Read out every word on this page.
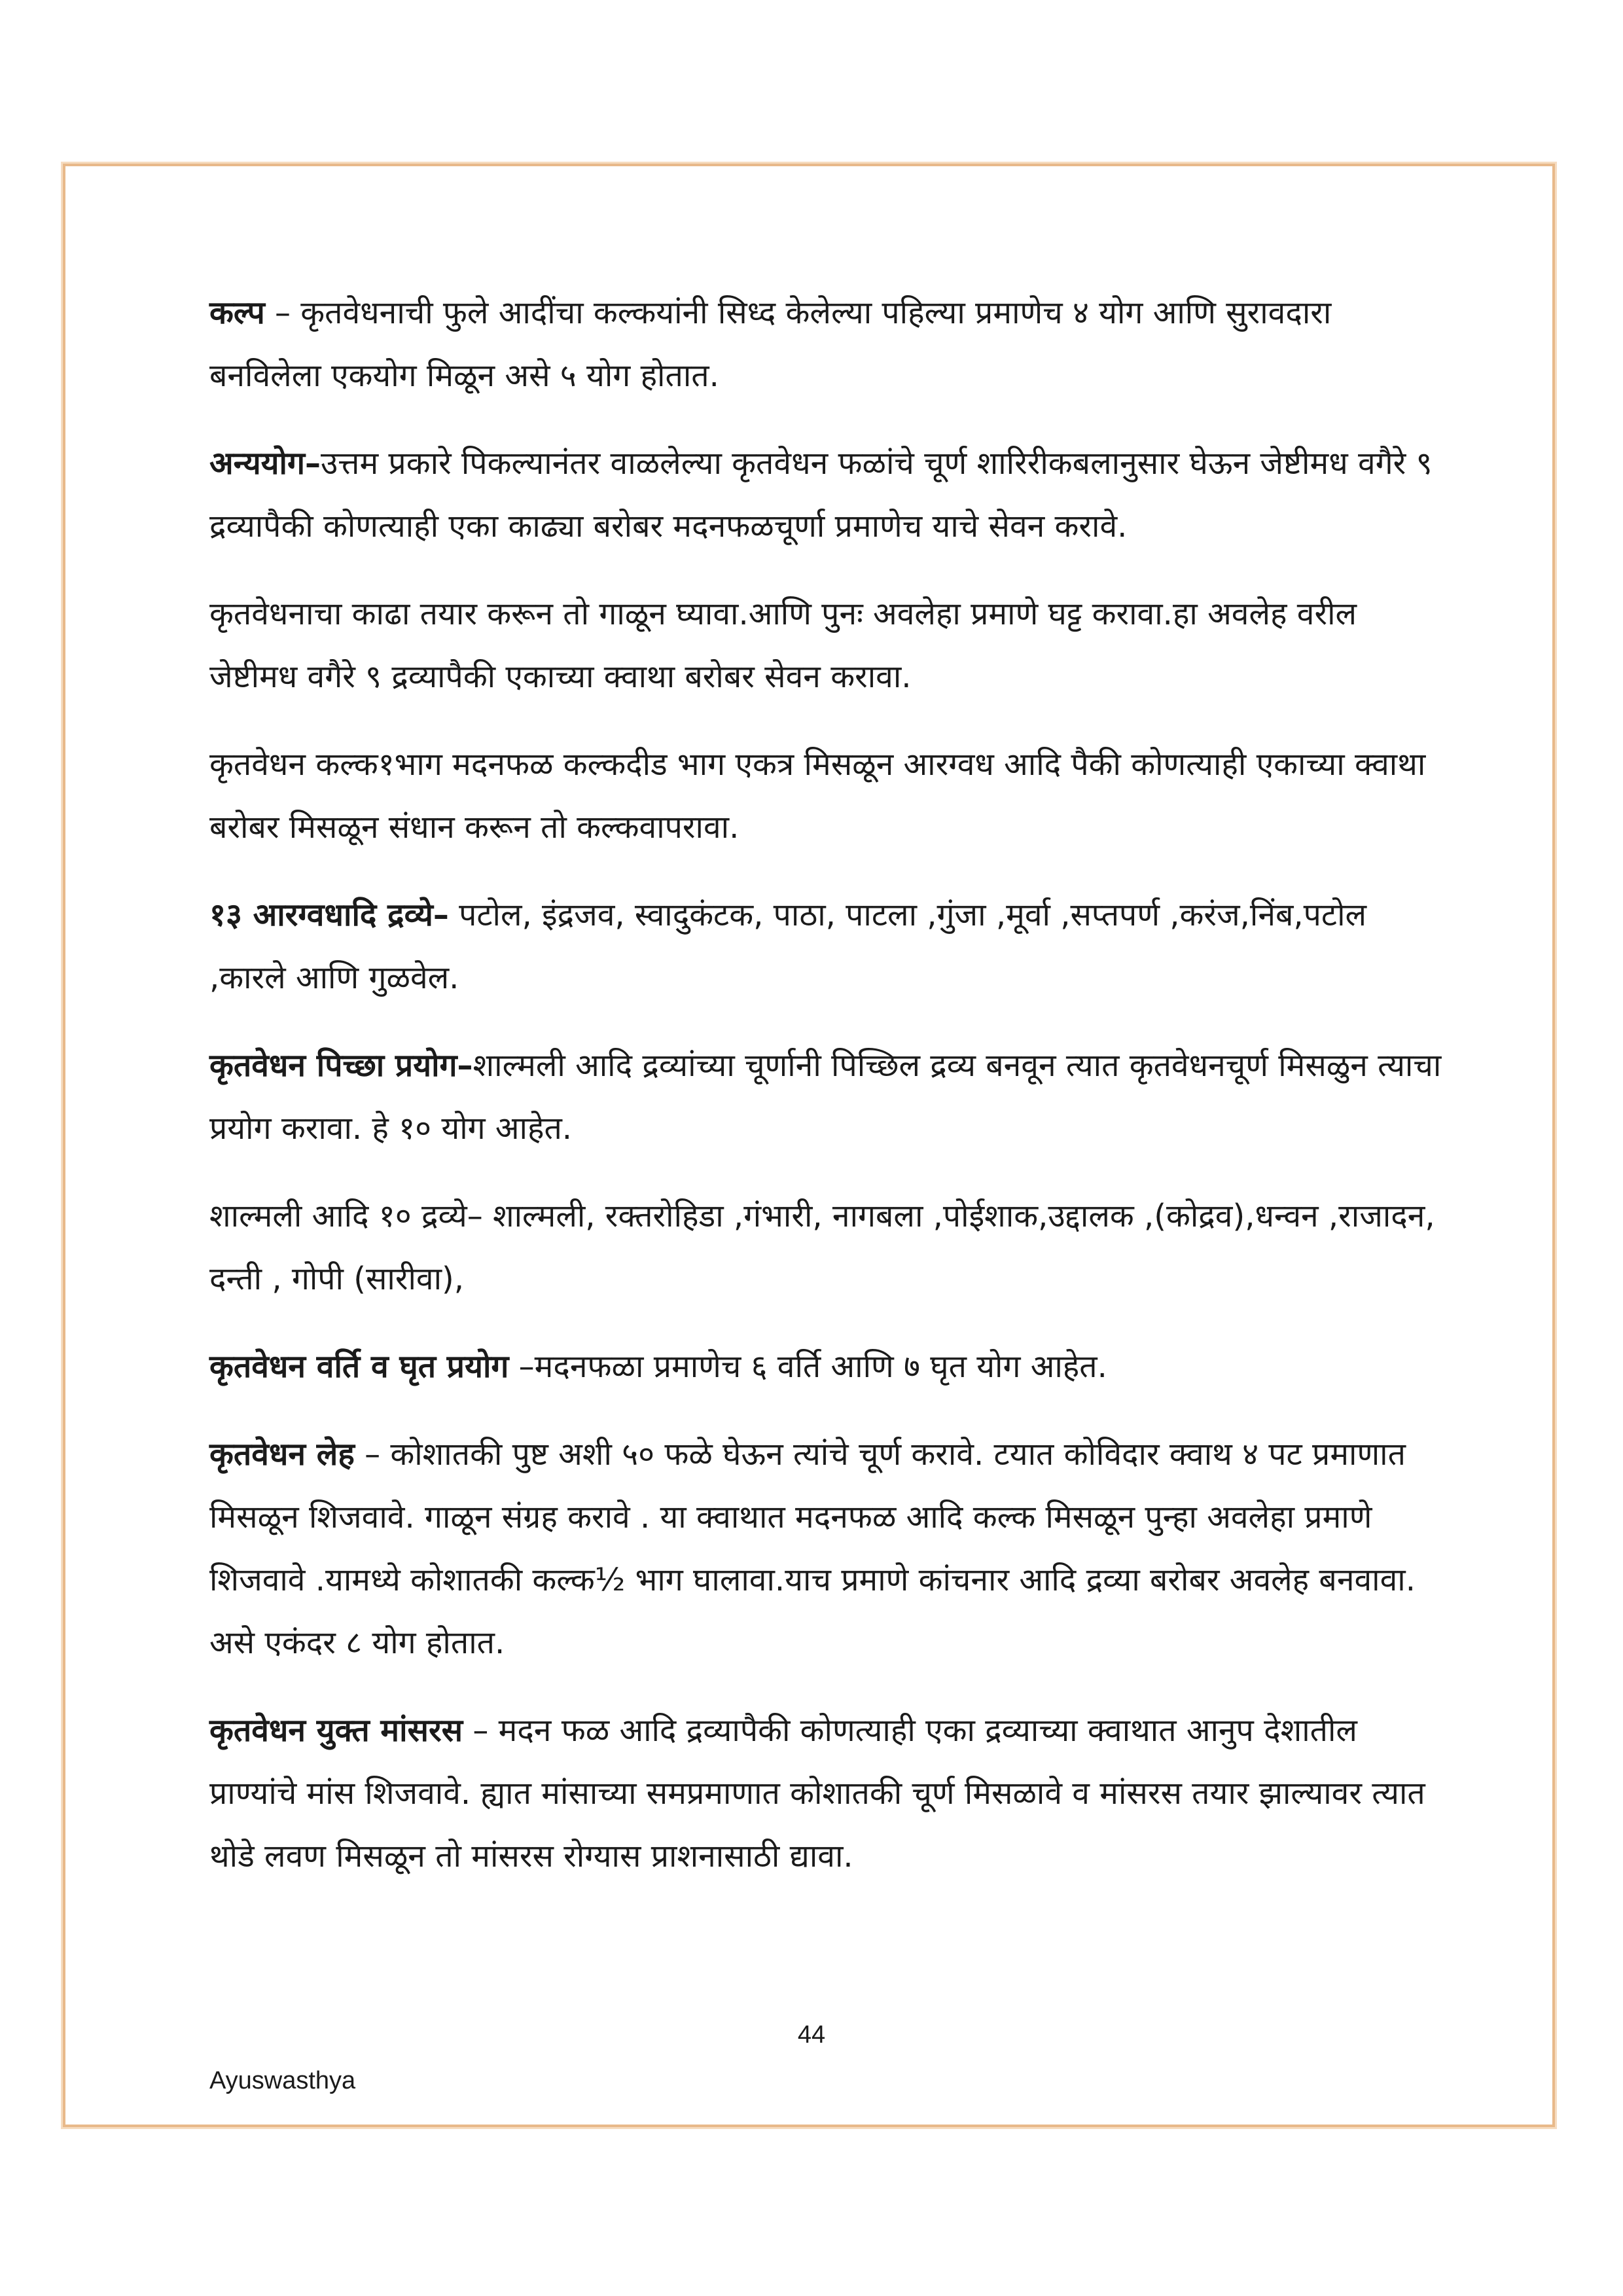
कल्प – कृतवेधनाची फुले आदींचा कल्कयांनी सिध्द केलेल्या पहिल्या प्रमाणेच ४ योग आणि सुरावदारा बनविलेला एकयोग मिळून असे ५ योग होतात.

अन्ययोग–उत्तम प्रकारे पिकल्यानंतर वाळलेल्या कृतवेधन फळांचे चूर्ण शारिरीकबलानुसार घेऊन जेष्टीमध वगैरे ९ द्रव्यापैकी कोणत्याही एका काढ्या बरोबर मदनफळचूर्णा प्रमाणेच याचे सेवन करावे.

कृतवेधनाचा काढा तयार करून तो गाळून घ्यावा.आणि पुनः अवलेहा प्रमाणे घट्ट करावा.हा अवलेह वरील जेष्टीमध वगैरे ९ द्रव्यापैकी एकाच्या क्वाथा बरोबर सेवन करावा.

कृतवेधन कल्क१भाग मदनफळ कल्कदीड भाग एकत्र मिसळून आरग्वध आदि पैकी कोणत्याही एकाच्या क्वाथा बरोबर मिसळून संधान करून तो कल्कवापरावा.

१३ आरग्वधादि द्रव्ये– पटोल, इंद्रजव, स्वादुकंटक, पाठा, पाटला ,गुंजा ,मूर्वा ,सप्तपर्ण ,करंज,निंब,पटोल ,कारले आणि गुळवेल.

कृतवेधन पिच्छा प्रयोग–शाल्मली आदि द्रव्यांच्या चूर्णानी पिच्छिल द्रव्य बनवून त्यात कृतवेधनचूर्ण मिसळुन त्याचा प्रयोग करावा. हे १० योग आहेत.

शाल्मली आदि १० द्रव्ये– शाल्मली, रक्तरोहिडा ,गंभारी, नागबला ,पोईशाक,उद्दालक ,(कोद्रव),धन्वन ,राजादन, दन्ती , गोपी (सारीवा),

कृतवेधन वर्ति व घृत प्रयोग –मदनफळा प्रमाणेच ६ वर्ति आणि ७ घृत योग आहेत.

कृतवेधन लेह – कोशातकी पुष्ट अशी ५० फळे घेऊन त्यांचे चूर्ण करावे. टयात कोविदार क्वाथ ४ पट प्रमाणात मिसळून शिजवावे. गाळून संग्रह करावे . या क्वाथात मदनफळ आदि कल्क मिसळून पुन्हा अवलेहा प्रमाणे शिजवावे .यामध्ये कोशातकी कल्क½ भाग घालावा.याच प्रमाणे कांचनार आदि द्रव्या बरोबर अवलेह बनवावा. असे एकंदर ८ योग होतात.

कृतवेधन युक्त मांसरस – मदन फळ आदि द्रव्यापैकी कोणत्याही एका द्रव्याच्या क्वाथात आनुप देशातील प्राण्यांचे मांस शिजवावे. ह्यात मांसाच्या समप्रमाणात कोशातकी चूर्ण मिसळावे व मांसरस तयार झाल्यावर त्यात थोडे लवण मिसळून तो मांसरस रोग्यास प्राशनासाठी द्यावा.

44
Ayuswasthya
